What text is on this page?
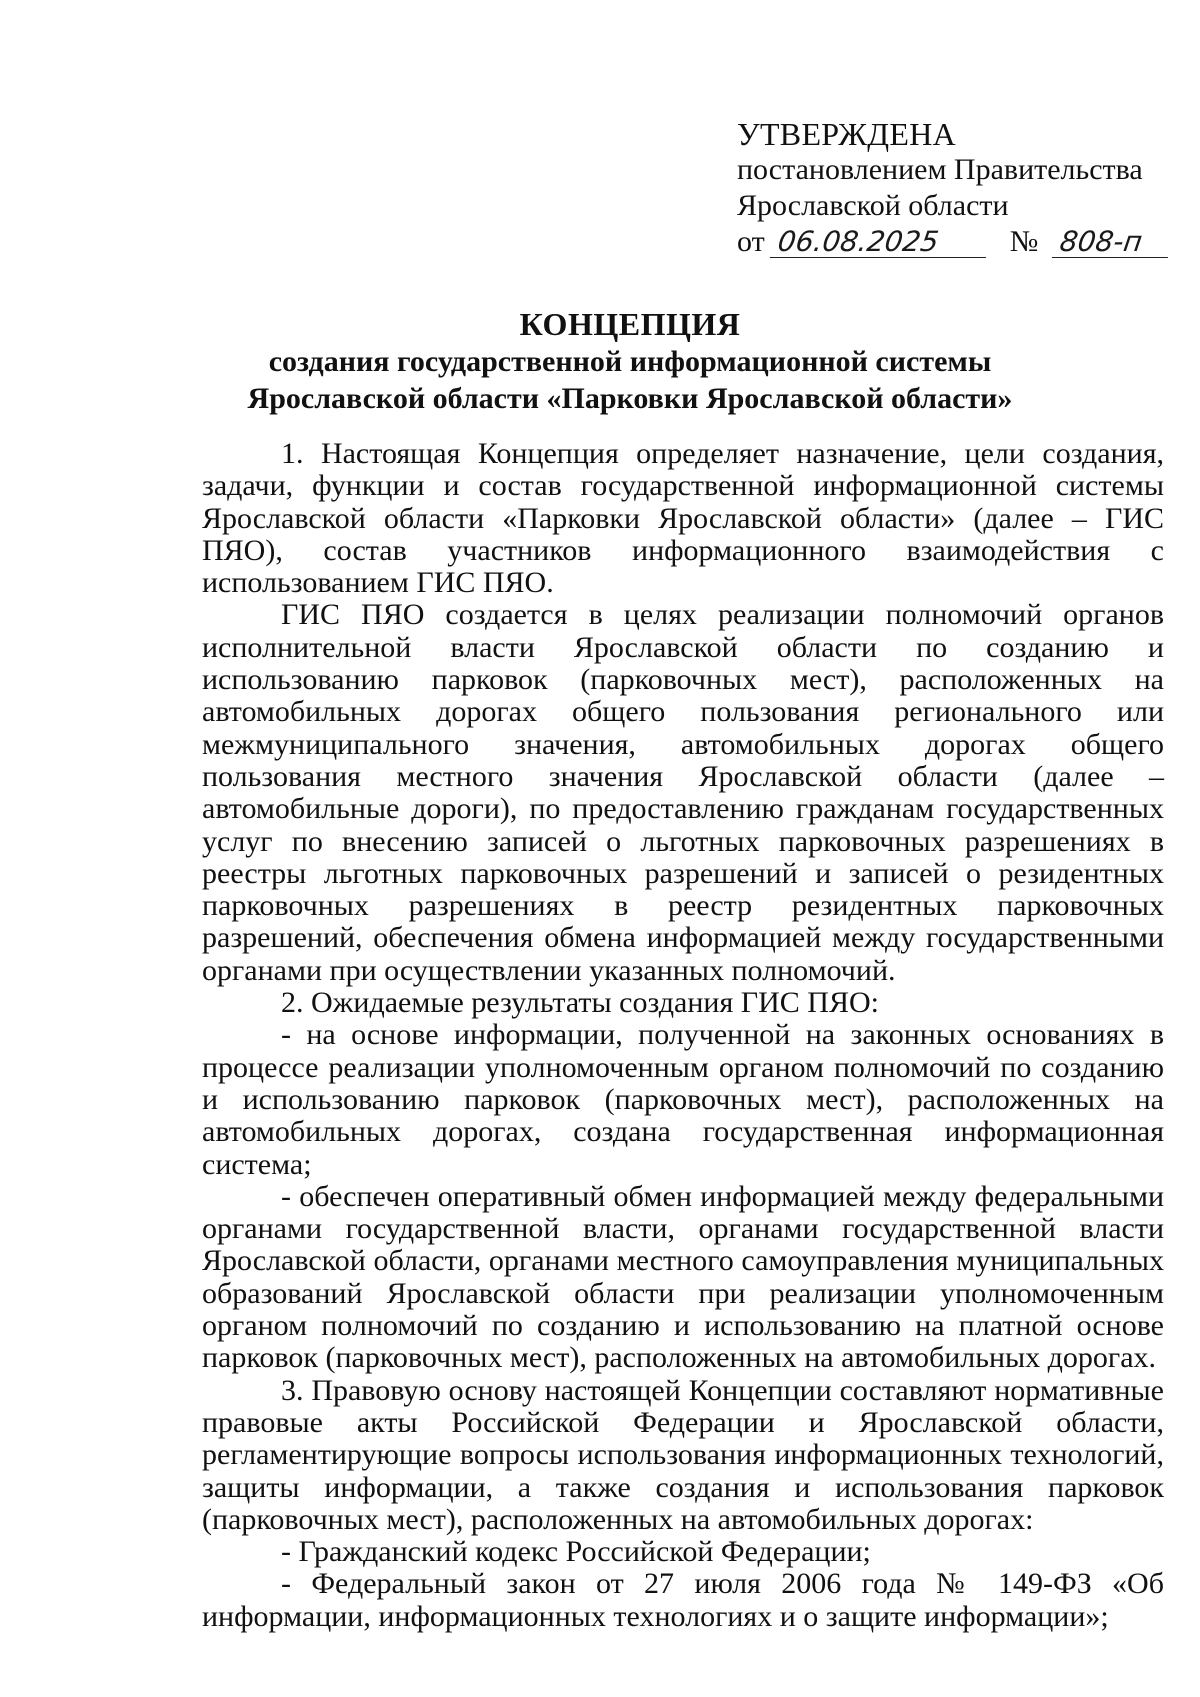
УТВЕРЖДЕНА
постановлением Правительства
Ярославской области
от 06.08.2025 № 808-п
КОНЦЕПЦИЯ
создания государственной информационной системы
Ярославской области «Парковки Ярославской области»

1. Настоящая Концепция определяет назначение, цели создания, задачи, функции и состав государственной информационной системы Ярославской области «Парковки Ярославской области» (далее – ГИС ПЯО), состав участников информационного взаимодействия с использованием ГИС ПЯО.

ГИС ПЯО создается в целях реализации полномочий органов исполнительной власти Ярославской области по созданию и использованию парковок (парковочных мест), расположенных на автомобильных дорогах общего пользования регионального или межмуниципального значения, автомобильных дорогах общего пользования местного значения Ярославской области (далее – автомобильные дороги), по предоставлению гражданам государственных услуг по внесению записей о льготных парковочных разрешениях в реестры льготных парковочных разрешений и записей о резидентных парковочных разрешениях в реестр резидентных парковочных разрешений, обеспечения обмена информацией между государственными органами при осуществлении указанных полномочий.

2. Ожидаемые результаты создания ГИС ПЯО:

- на основе информации, полученной на законных основаниях в процессе реализации уполномоченным органом полномочий по созданию и использованию парковок (парковочных мест), расположенных на автомобильных дорогах, создана государственная информационная система;

- обеспечен оперативный обмен информацией между федеральными органами государственной власти, органами государственной власти Ярославской области, органами местного самоуправления муниципальных образований Ярославской области при реализации уполномоченным органом полномочий по созданию и использованию на платной основе парковок (парковочных мест), расположенных на автомобильных дорогах.

3. Правовую основу настоящей Концепции составляют нормативные правовые акты Российской Федерации и Ярославской области, регламентирующие вопросы использования информационных технологий, защиты информации, а также создания и использования парковок (парковочных мест), расположенных на автомобильных дорогах:

- Гражданский кодекс Российской Федерации;

- Федеральный закон от 27 июля 2006 года № 149-ФЗ «Об информации, информационных технологиях и о защите информации»;
